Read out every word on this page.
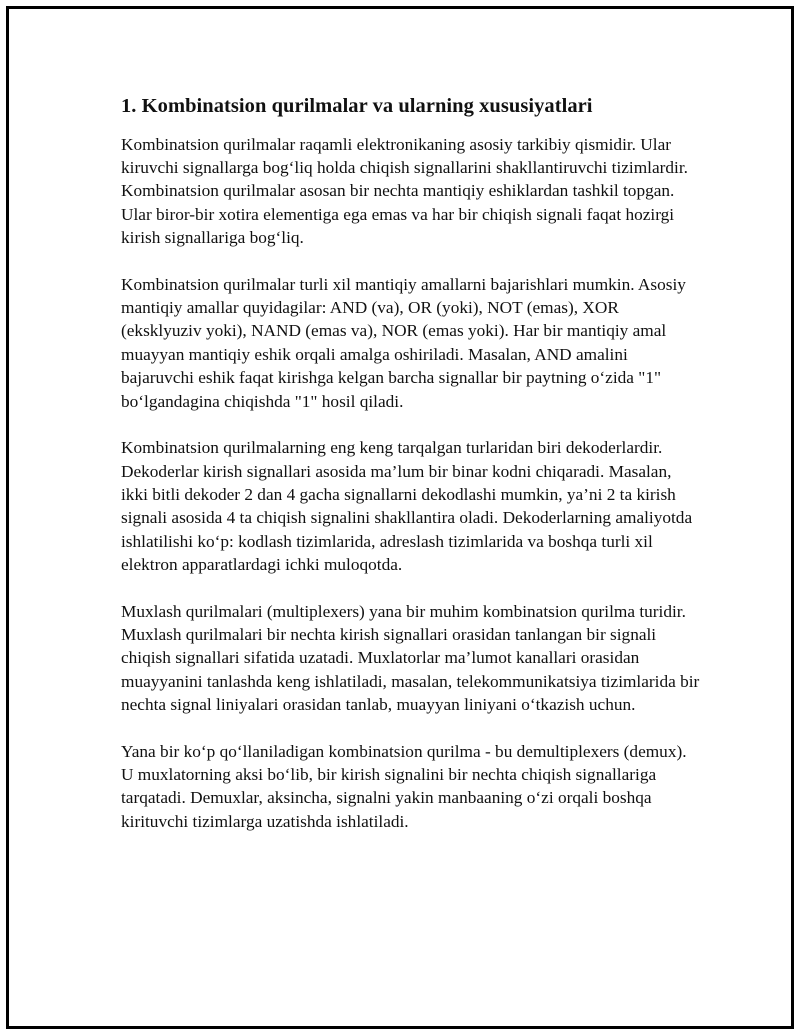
1. Kombinatsion qurilmalar va ularning xususiyatlari

Kombinatsion qurilmalar raqamli elektronikaning asosiy tarkibiy qismidir. Ular kiruvchi signallarga bog‘liq holda chiqish signallarini shakllantiruvchi tizimlardir. Kombinatsion qurilmalar asosan bir nechta mantiqiy eshiklardan tashkil topgan. Ular biror-bir xotira elementiga ega emas va har bir chiqish signali faqat hozirgi kirish signallariga bog‘liq.

Kombinatsion qurilmalar turli xil mantiqiy amallarni bajarishlari mumkin. Asosiy mantiqiy amallar quyidagilar: AND (va), OR (yoki), NOT (emas), XOR (eksklyuziv yoki), NAND (emas va), NOR (emas yoki). Har bir mantiqiy amal muayyan mantiqiy eshik orqali amalga oshiriladi. Masalan, AND amalini bajaruvchi eshik faqat kirishga kelgan barcha signallar bir paytning o‘zida "1" bo‘lgandagina chiqishda "1" hosil qiladi.

Kombinatsion qurilmalarning eng keng tarqalgan turlaridan biri dekoderlardir. Dekoderlar kirish signallari asosida ma’lum bir binar kodni chiqaradi. Masalan, ikki bitli dekoder 2 dan 4 gacha signallarni dekodlashi mumkin, ya’ni 2 ta kirish signali asosida 4 ta chiqish signalini shakllantira oladi. Dekoderlarning amaliyotda ishlatilishi ko‘p: kodlash tizimlarida, adreslash tizimlarida va boshqa turli xil elektron apparatlardagi ichki muloqotda.

Muxlash qurilmalari (multiplexers) yana bir muhim kombinatsion qurilma turidir. Muxlash qurilmalari bir nechta kirish signallari orasidan tanlangan bir signali chiqish signallari sifatida uzatadi. Muxlatorlar ma’lumot kanallari orasidan muayyanini tanlashda keng ishlatiladi, masalan, telekommunikatsiya tizimlarida bir nechta signal liniyalari orasidan tanlab, muayyan liniyani o‘tkazish uchun.

Yana bir ko‘p qo‘llaniladigan kombinatsion qurilma - bu demultiplexers (demux). U muxlatorning aksi bo‘lib, bir kirish signalini bir nechta chiqish signallariga tarqatadi. Demuxlar, aksincha, signalni yakin manbaaning o‘zi orqali boshqa kirituvchi tizimlarga uzatishda ishlatiladi.
